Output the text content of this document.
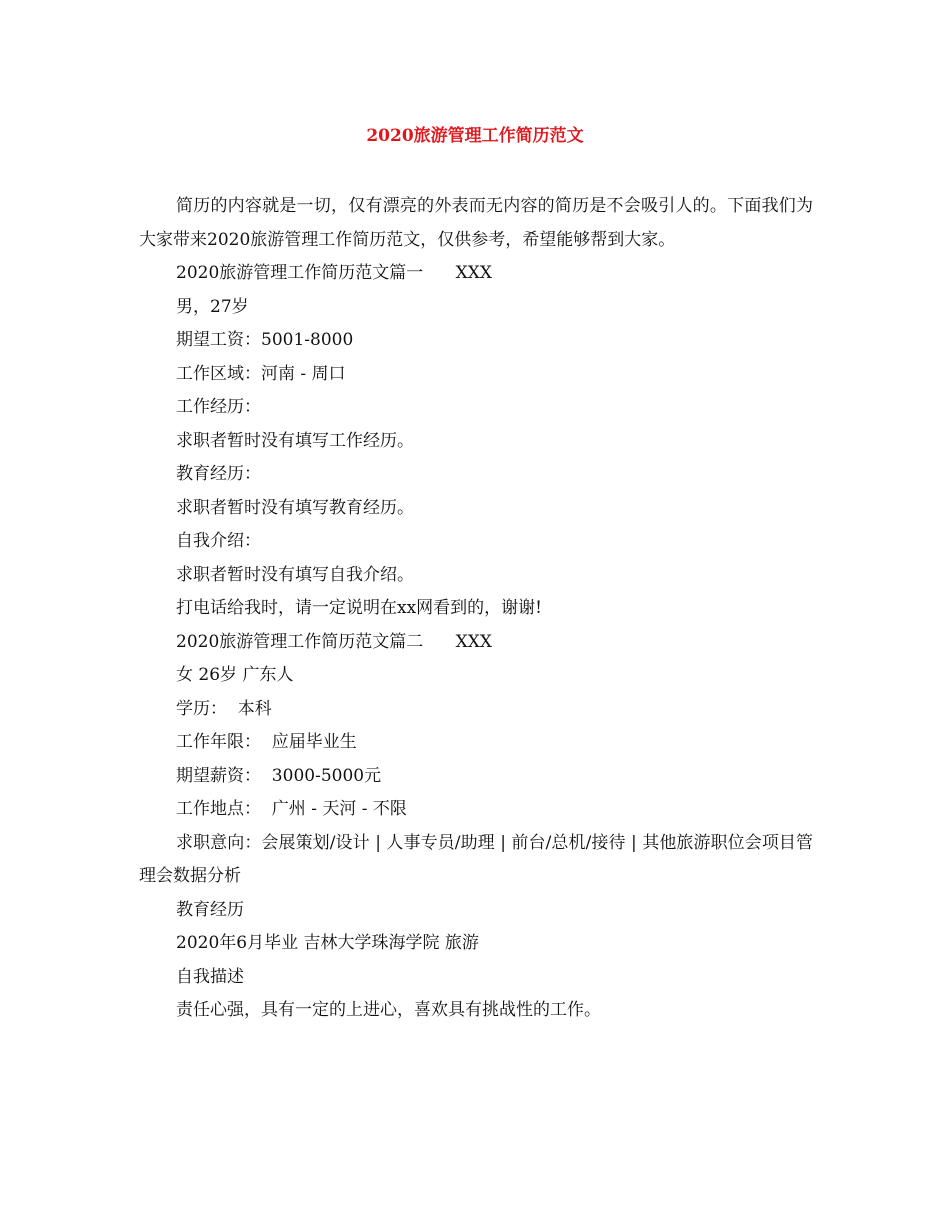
2020旅游管理工作简历范文

简历的内容就是一切，仅有漂亮的外表而无内容的简历是不会吸引人的。下面我们为大家带来2020旅游管理工作简历范文，仅供参考，希望能够帮到大家。

2020旅游管理工作简历范文篇一      XXX

男，27岁

期望工资：5001-8000

工作区域：河南 - 周口

工作经历：

求职者暂时没有填写工作经历。

教育经历：

求职者暂时没有填写教育经历。

自我介绍：

求职者暂时没有填写自我介绍。

打电话给我时，请一定说明在xx网看到的，谢谢!

2020旅游管理工作简历范文篇二      XXX

女 26岁 广东人

学历：  本科

工作年限：  应届毕业生

期望薪资：  3000-5000元

工作地点：  广州 - 天河 - 不限

求职意向：会展策划/设计 | 人事专员/助理 | 前台/总机/接待 | 其他旅游职位会项目管理会数据分析

教育经历

2020年6月毕业 吉林大学珠海学院 旅游

自我描述

责任心强，具有一定的上进心，喜欢具有挑战性的工作。
